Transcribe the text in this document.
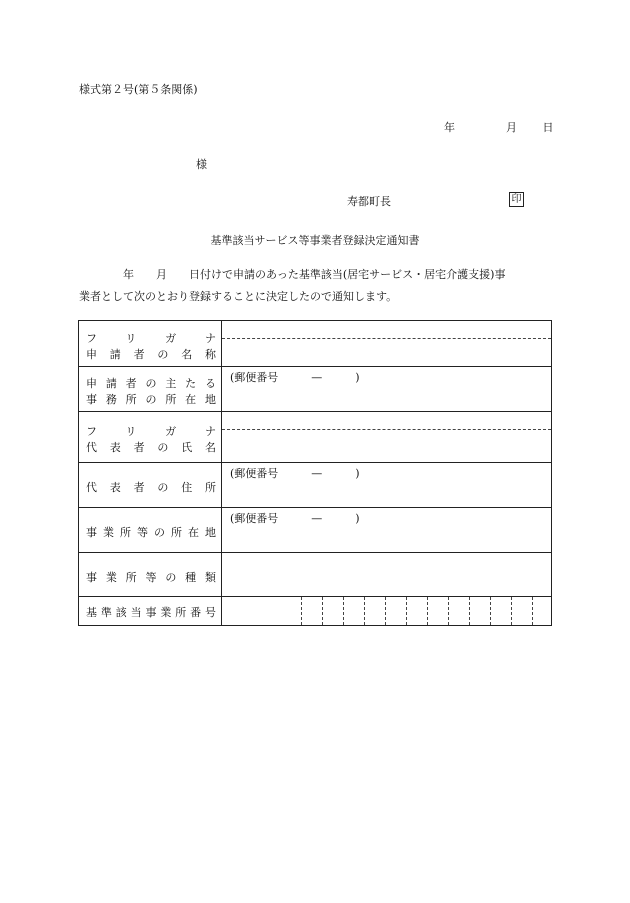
様式第２号(第５条関係)
年	月 日
様
寿都町長	印
基準該当サービス等事業者登録決定通知書
　　　　年　　月　　日付けで申請のあった基準該当(居宅サービス・居宅介護支援)事
業者として次のとおり登録することに決定したので通知します。
フリガナ
申請者の名称
申請者の主たる
事務所の所在地
(郵便番号　　　—　　　)
フリガナ
代表者の氏名
代表者の住所
(郵便番号　　　—　　　)
事業所等の所在地
(郵便番号　　　—　　　)
事業所等の種類
基準該当事業所番号
